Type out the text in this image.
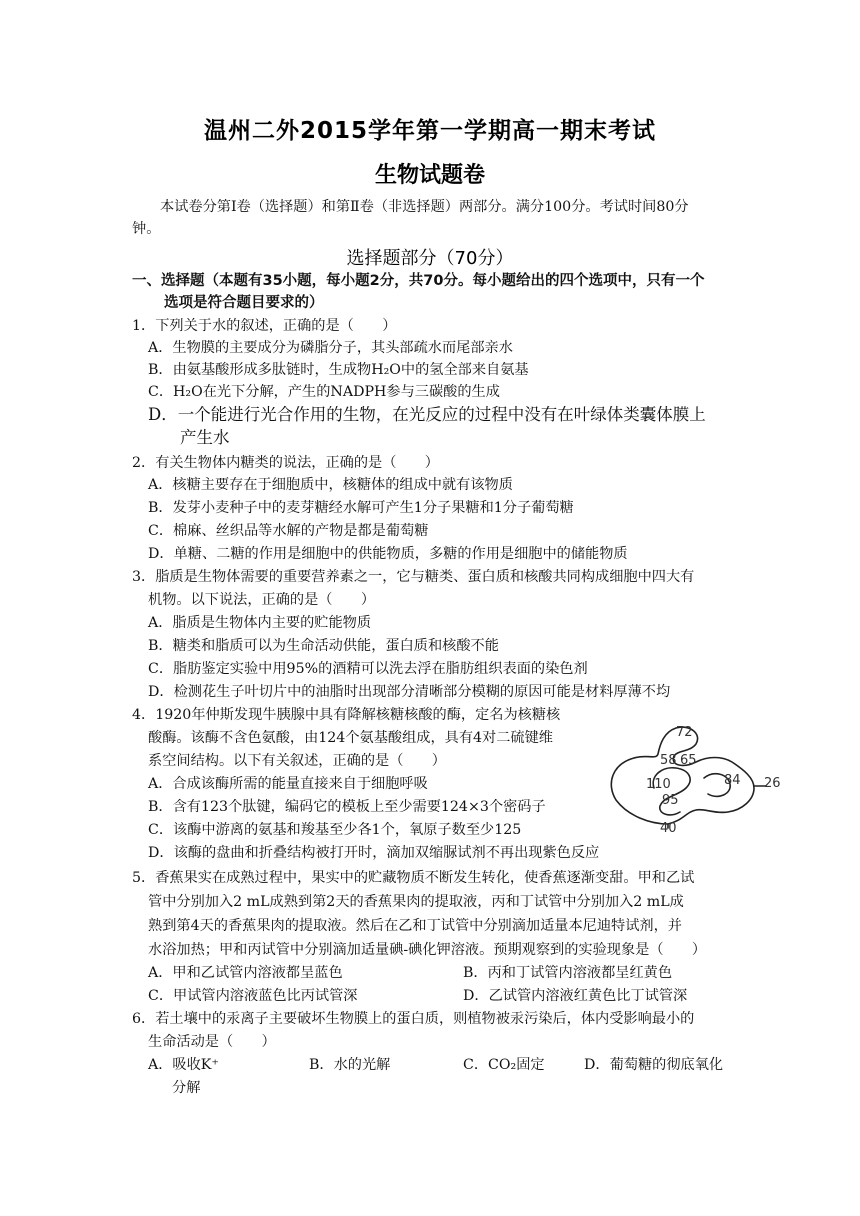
温州二外2015学年第一学期高一期末考试
生物试题卷
本试卷分第Ⅰ卷（选择题）和第Ⅱ卷（非选择题）两部分。满分100分。考试时间80分
钟。
选择题部分（70分）
一、选择题（本题有35小题，每小题2分，共70分。每小题给出的四个选项中，只有一个
选项是符合题目要求的）
1．下列关于水的叙述，正确的是（　　）
A．生物膜的主要成分为磷脂分子，其头部疏水而尾部亲水
B．由氨基酸形成多肽链时，生成物H₂O中的氢全部来自氨基
C．H₂O在光下分解，产生的NADPH参与三碳酸的生成
D．一个能进行光合作用的生物，在光反应的过程中没有在叶绿体类囊体膜上
产生水
2．有关生物体内糖类的说法，正确的是（　　）
A．核糖主要存在于细胞质中，核糖体的组成中就有该物质
B．发芽小麦种子中的麦芽糖经水解可产生1分子果糖和1分子葡萄糖
C．棉麻、丝织品等水解的产物是都是葡萄糖
D．单糖、二糖的作用是细胞中的供能物质，多糖的作用是细胞中的储能物质
3．脂质是生物体需要的重要营养素之一，它与糖类、蛋白质和核酸共同构成细胞中四大有
机物。以下说法，正确的是（　　）
A．脂质是生物体内主要的贮能物质
B．糖类和脂质可以为生命活动供能，蛋白质和核酸不能
C．脂肪鉴定实验中用95%的酒精可以洗去浮在脂肪组织表面的染色剂
D．检测花生子叶切片中的油脂时出现部分清晰部分模糊的原因可能是材料厚薄不均
4．1920年仲斯发现牛胰腺中具有降解核糖核酸的酶，定名为核糖核
酸酶。该酶不含色氨酸，由124个氨基酸组成，具有4对二硫键维
系空间结构。以下有关叙述，正确的是（　　）
A．合成该酶所需的能量直接来自于细胞呼吸
B．含有123个肽键，编码它的模板上至少需要124×3个密码子
C．该酶中游离的氨基和羧基至少各1个，氧原子数至少125
D．该酶的盘曲和折叠结构被打开时，滴加双缩脲试剂不再出现紫色反应
72
58 65
84
110
95
26
40
5．香蕉果实在成熟过程中，果实中的贮藏物质不断发生转化，使香蕉逐渐变甜。甲和乙试
管中分别加入2 mL成熟到第2天的香蕉果肉的提取液，丙和丁试管中分别加入2 mL成
熟到第4天的香蕉果肉的提取液。然后在乙和丁试管中分别滴加适量本尼迪特试剂，并
水浴加热；甲和丙试管中分别滴加适量碘-碘化钾溶液。预期观察到的实验现象是（　　）
A．甲和乙试管内溶液都呈蓝色	B．丙和丁试管内溶液都呈红黄色
C．甲试管内溶液蓝色比丙试管深	D．乙试管内溶液红黄色比丁试管深
6．若土壤中的汞离子主要破坏生物膜上的蛋白质，则植物被汞污染后，体内受影响最小的
生命活动是（　　）
A．吸收K⁺	B．水的光解	C．CO₂固定	D．葡萄糖的彻底氧化
分解
